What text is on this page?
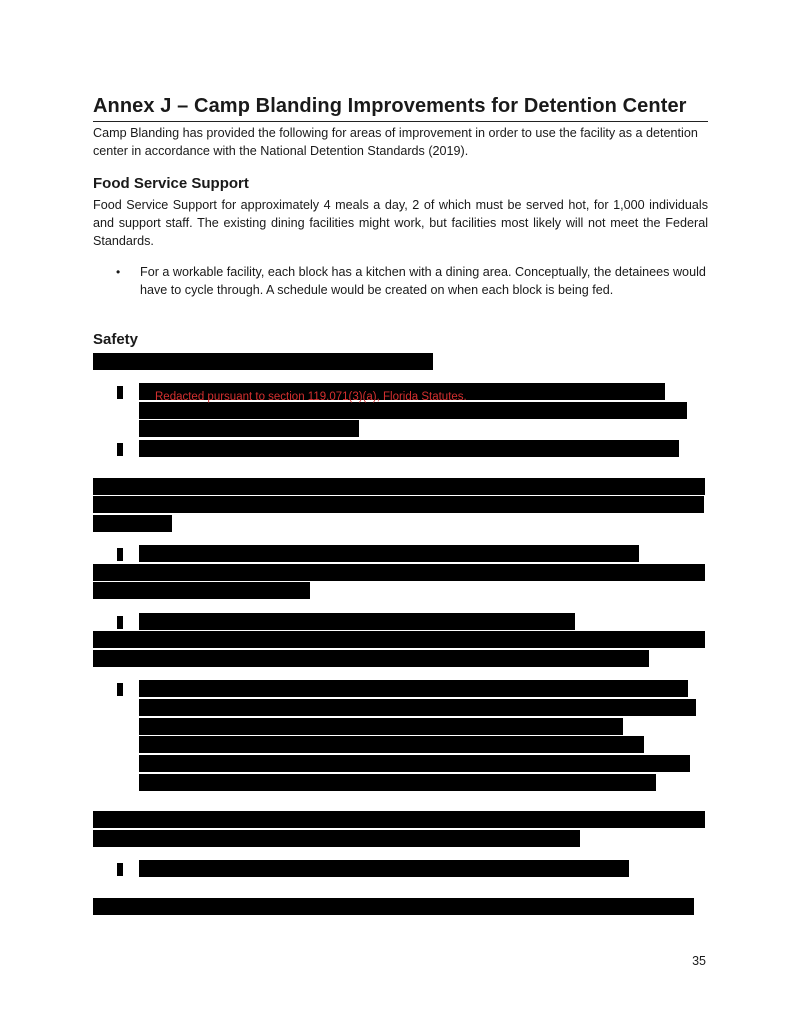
Annex J – Camp Blanding Improvements for Detention Center
Camp Blanding has provided the following for areas of improvement in order to use the facility as a detention center in accordance with the National Detention Standards (2019).
Food Service Support
Food Service Support for approximately 4 meals a day, 2 of which must be served hot, for 1,000 individuals and support staff. The existing dining facilities might work, but facilities most likely will not meet the Federal Standards.
• For a workable facility, each block has a kitchen with a dining area. Conceptually, the detainees would have to cycle through. A schedule would be created on when each block is being fed.
Safety
Redacted pursuant to section 119.071(3)(a), Florida Statutes.
35
